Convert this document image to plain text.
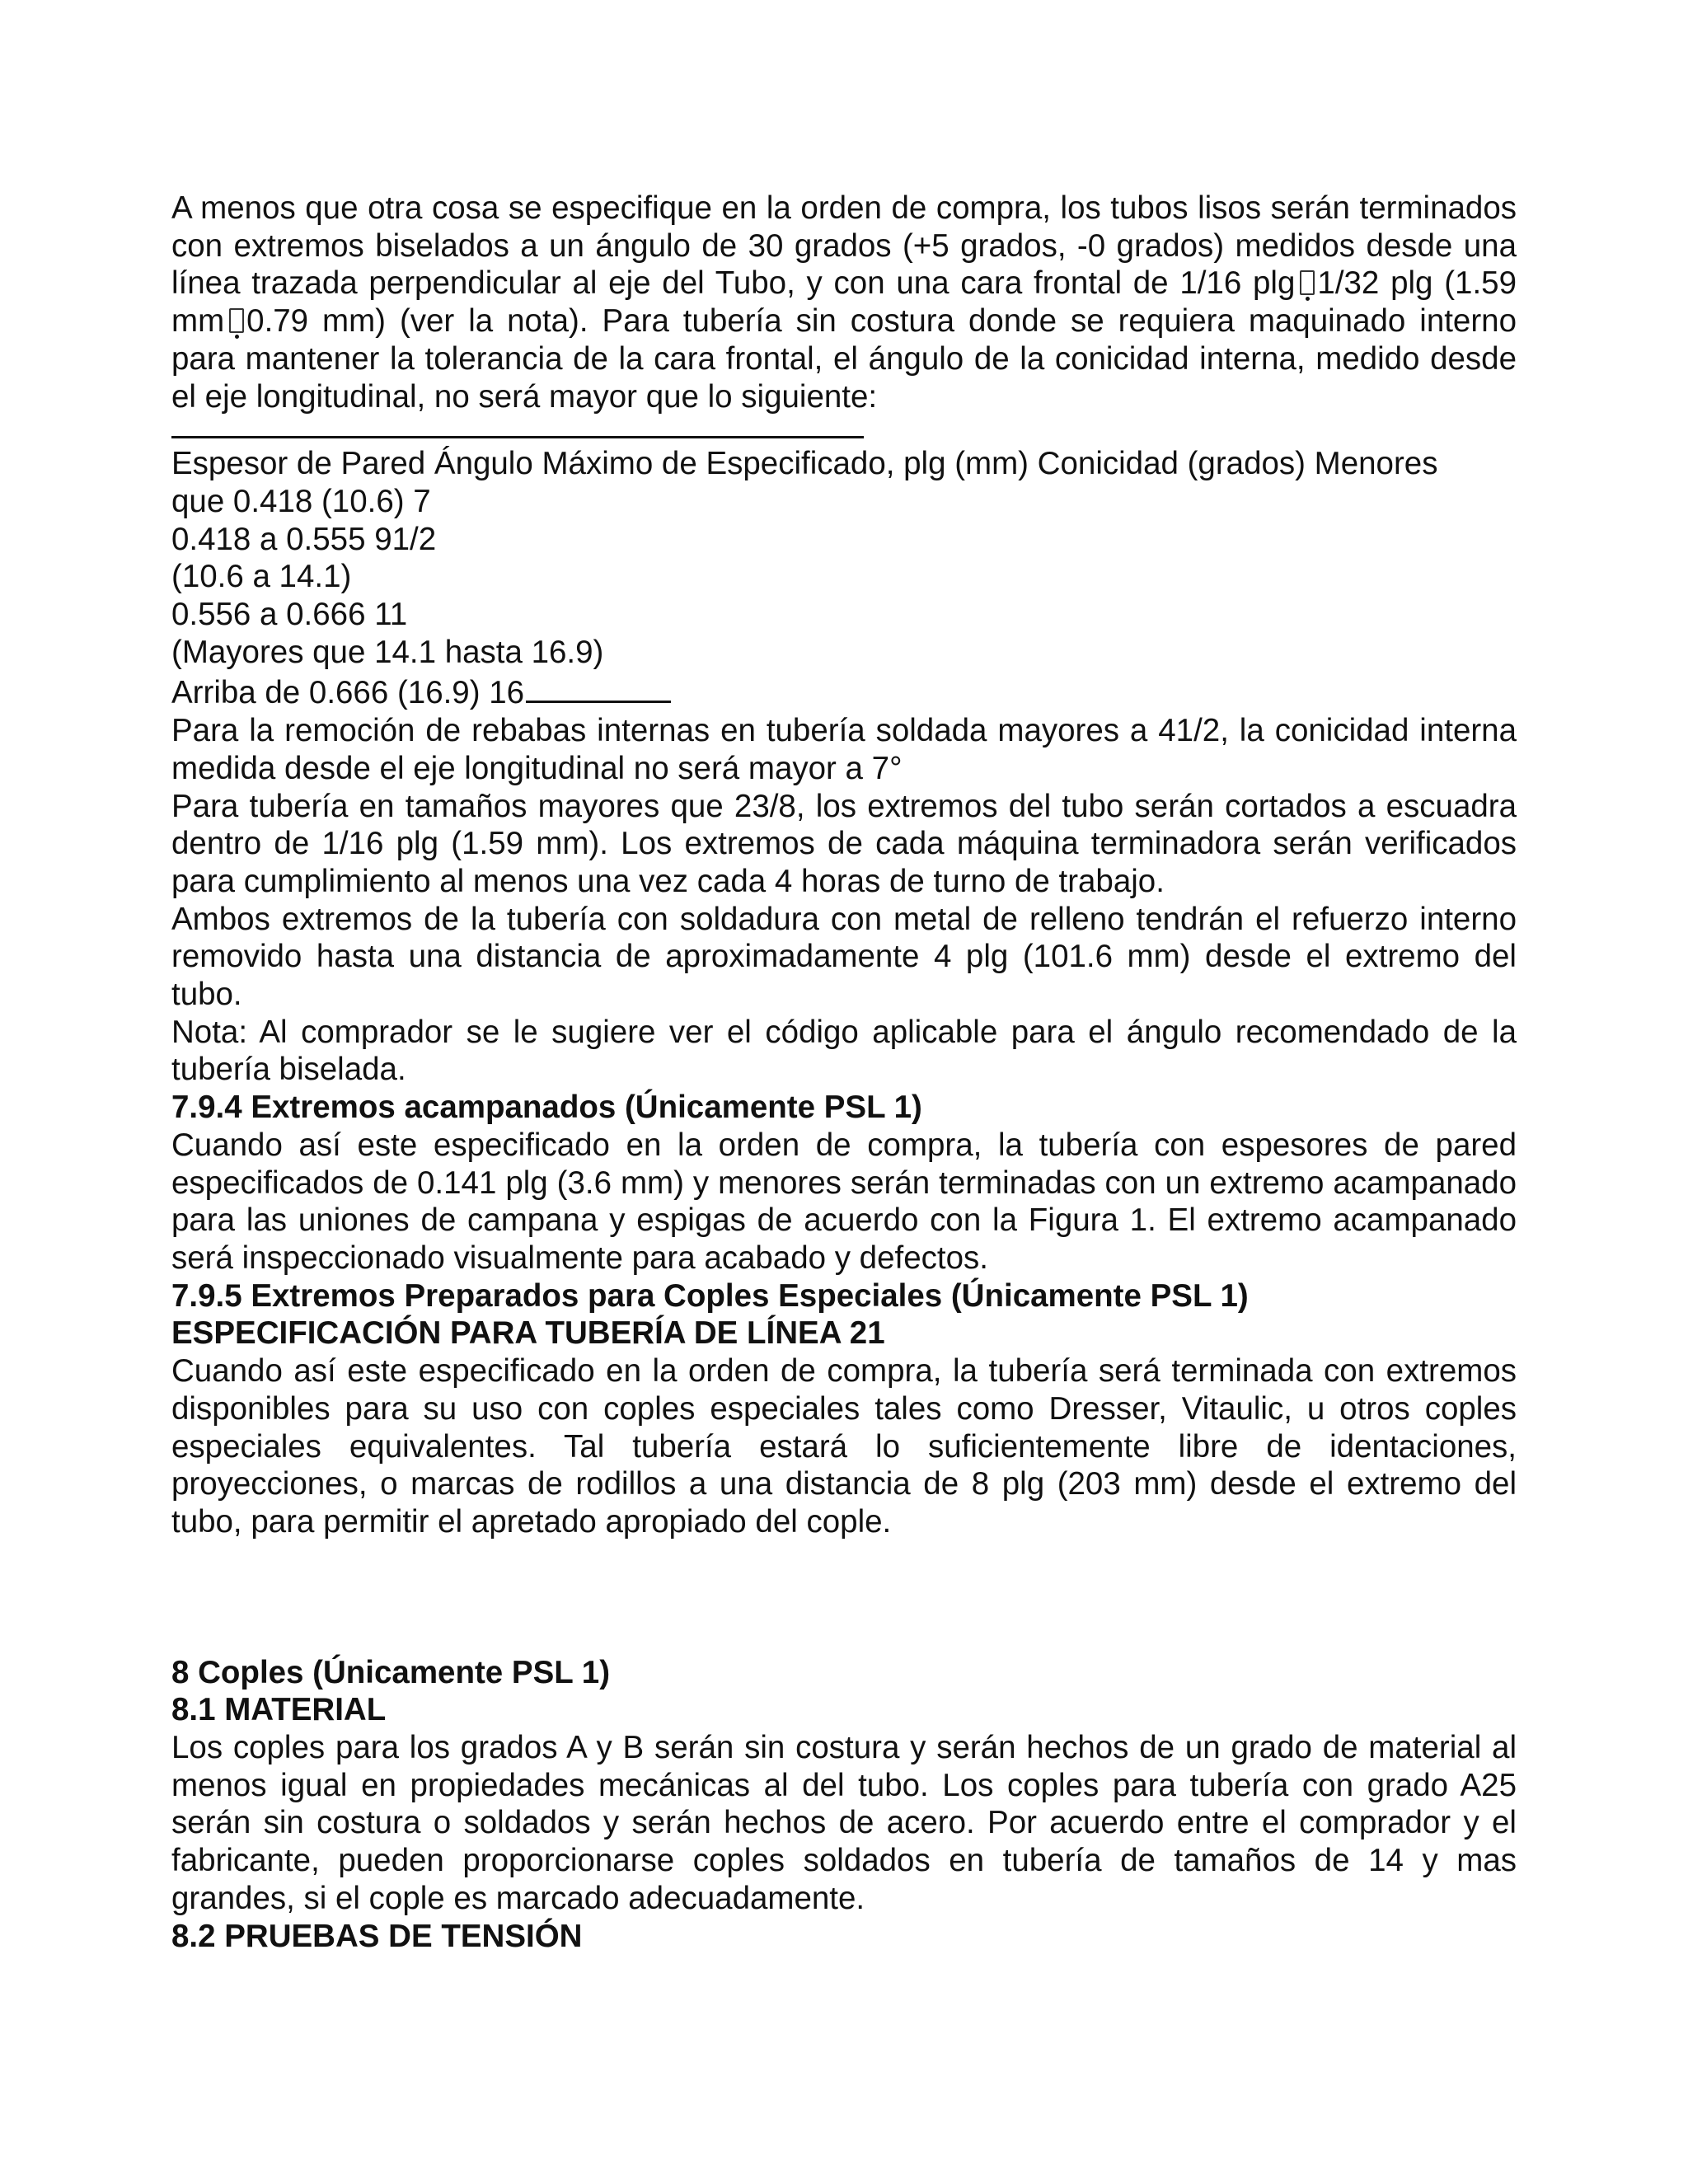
A menos que otra cosa se especifique en la orden de compra, los tubos lisos serán terminados con extremos biselados a un ángulo de 30 grados (+5 grados, -0 grados) medidos desde una línea trazada perpendicular al eje del Tubo, y con una cara frontal de 1/16 plg 1/32 plg (1.59 mm 0.79 mm) (ver la nota). Para tubería sin costura donde se requiera maquinado interno para mantener la tolerancia de la cara frontal, el ángulo de la conicidad interna, medido desde el eje longitudinal, no será mayor que lo siguiente:

Espesor de Pared Ángulo Máximo de Especificado, plg (mm) Conicidad (grados) Menores

que 0.418 (10.6) 7

0.418 a 0.555 91/2

(10.6 a 14.1)

0.556 a 0.666 11

(Mayores que 14.1 hasta 16.9)

Arriba de 0.666 (16.9) 16

Para la remoción de rebabas internas en tubería soldada mayores a 41/2, la conicidad interna medida desde el eje longitudinal no será mayor a 7°

Para tubería en tamaños mayores que 23/8, los extremos del tubo serán cortados a escuadra dentro de 1/16 plg (1.59 mm). Los extremos de cada máquina terminadora serán verificados para cumplimiento al menos una vez cada 4 horas de turno de trabajo.

Ambos extremos de la tubería con soldadura con metal de relleno tendrán el refuerzo interno removido hasta una distancia de aproximadamente 4 plg (101.6 mm) desde el extremo del tubo.

Nota: Al comprador se le sugiere ver el código aplicable para el ángulo recomendado de la tubería biselada.

7.9.4 Extremos acampanados (Únicamente PSL 1)

Cuando así este especificado en la orden de compra, la tubería con espesores de pared especificados de 0.141 plg (3.6 mm) y menores serán terminadas con un extremo acampanado para las uniones de campana y espigas de acuerdo con la Figura 1. El extremo acampanado será inspeccionado visualmente para acabado y defectos.

7.9.5 Extremos Preparados para Coples Especiales (Únicamente PSL 1)

ESPECIFICACIÓN PARA TUBERÍA DE LÍNEA 21

Cuando así este especificado en la orden de compra, la tubería será terminada con extremos disponibles para su uso con coples especiales tales como Dresser, Vitaulic, u otros coples especiales equivalentes. Tal tubería estará lo suficientemente libre de identaciones, proyecciones, o marcas de rodillos a una distancia de 8 plg (203 mm) desde el extremo del tubo, para permitir el apretado apropiado del cople.

8 Coples (Únicamente PSL 1)

8.1 MATERIAL

Los coples para los grados A y B serán sin costura y serán hechos de un grado de material al menos igual en propiedades mecánicas al del tubo. Los coples para tubería con grado A25 serán sin costura o soldados y serán hechos de acero. Por acuerdo entre el comprador y el fabricante, pueden proporcionarse coples soldados en tubería de tamaños de 14 y mas grandes, si el cople es marcado adecuadamente.

8.2 PRUEBAS DE TENSIÓN
